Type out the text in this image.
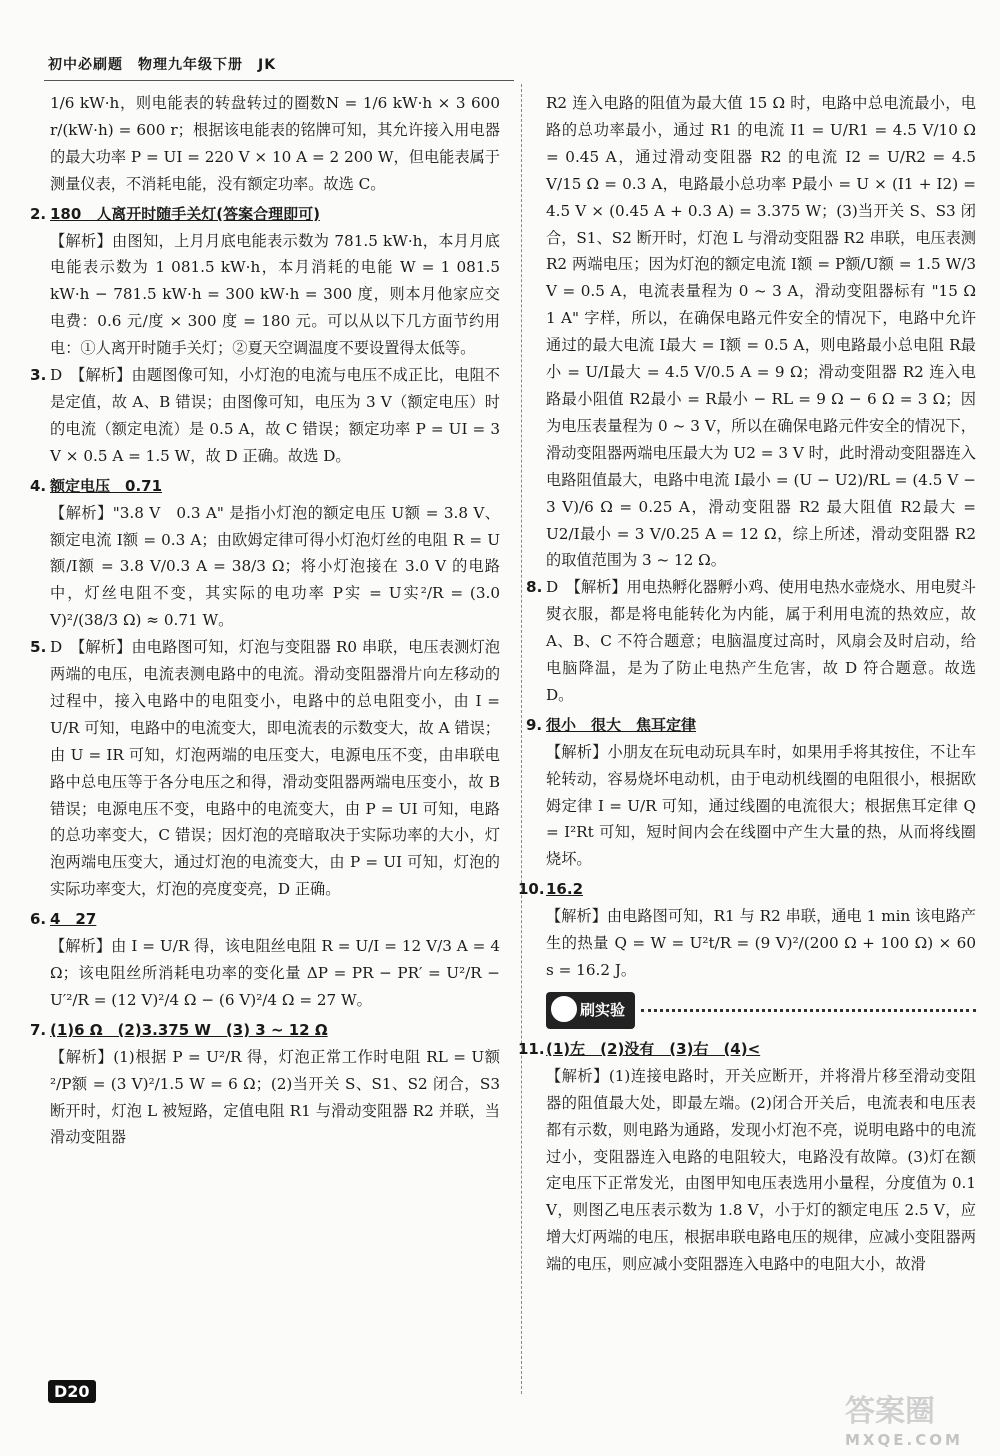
初中必刷题　物理九年级下册　JK

1/6 kW·h，则电能表的转盘转过的圈数N = 1/6 kW·h × 3 600 r/(kW·h) = 600 r；根据该电能表的铭牌可知，其允许接入用电器的最大功率 P = UI = 220 V × 10 A = 2 200 W，但电能表属于测量仪表，不消耗电能，没有额定功率。故选 C。

2. 180　人离开时随手关灯(答案合理即可)

【解析】由图知，上月月底电能表示数为 781.5 kW·h，本月月底电能表示数为 1 081.5 kW·h，本月消耗的电能 W = 1 081.5 kW·h − 781.5 kW·h = 300 kW·h = 300 度，则本月他家应交电费：0.6 元/度 × 300 度 = 180 元。可以从以下几方面节约用电：①人离开时随手关灯；②夏天空调温度不要设置得太低等。

3. D　【解析】由题图像可知，小灯泡的电流与电压不成正比，电阻不是定值，故 A、B 错误；由图像可知，电压为 3 V（额定电压）时的电流（额定电流）是 0.5 A，故 C 错误；额定功率 P = UI = 3 V × 0.5 A = 1.5 W，故 D 正确。故选 D。

4. 额定电压　0.71

【解析】"3.8 V　0.3 A" 是指小灯泡的额定电压 U额 = 3.8 V、额定电流 I额 = 0.3 A；由欧姆定律可得小灯泡灯丝的电阻 R = U额/I额 = 3.8 V/0.3 A = 38/3 Ω；将小灯泡接在 3.0 V 的电路中，灯丝电阻不变，其实际的电功率 P实 = U实²/R = (3.0 V)²/(38/3 Ω) ≈ 0.71 W。

5. D　【解析】由电路图可知，灯泡与变阻器 R0 串联，电压表测灯泡两端的电压，电流表测电路中的电流。滑动变阻器滑片向左移动的过程中，接入电路中的电阻变小，电路中的总电阻变小，由 I = U/R 可知，电路中的电流变大，即电流表的示数变大，故 A 错误；由 U = IR 可知，灯泡两端的电压变大，电源电压不变，由串联电路中总电压等于各分电压之和得，滑动变阻器两端电压变小，故 B 错误；电源电压不变，电路中的电流变大，由 P = UI 可知，电路的总功率变大，C 错误；因灯泡的亮暗取决于实际功率的大小，灯泡两端电压变大，通过灯泡的电流变大，由 P = UI 可知，灯泡的实际功率变大，灯泡的亮度变亮，D 正确。

6. 4　27

【解析】由 I = U/R 得，该电阻丝电阻 R = U/I = 12 V/3 A = 4 Ω；该电阻丝所消耗电功率的变化量 ΔP = PR − PR′ = U²/R − U′²/R = (12 V)²/4 Ω − (6 V)²/4 Ω = 27 W。

7. (1)6 Ω　(2)3.375 W　(3) 3 ~ 12 Ω

【解析】(1)根据 P = U²/R 得，灯泡正常工作时电阻 RL = U额²/P额 = (3 V)²/1.5 W = 6 Ω；(2)当开关 S、S1、S2 闭合，S3 断开时，灯泡 L 被短路，定值电阻 R1 与滑动变阻器 R2 并联，当滑动变阻器

R2 连入电路的阻值为最大值 15 Ω 时，电路中总电流最小，电路的总功率最小，通过 R1 的电流 I1 = U/R1 = 4.5 V/10 Ω = 0.45 A，通过滑动变阻器 R2 的电流 I2 = U/R2 = 4.5 V/15 Ω = 0.3 A，电路最小总功率 P最小 = U × (I1 + I2) = 4.5 V × (0.45 A + 0.3 A) = 3.375 W；(3)当开关 S、S3 闭合，S1、S2 断开时，灯泡 L 与滑动变阻器 R2 串联，电压表测 R2 两端电压；因为灯泡的额定电流 I额 = P额/U额 = 1.5 W/3 V = 0.5 A，电流表量程为 0 ~ 3 A，滑动变阻器标有 "15 Ω　1 A" 字样，所以，在确保电路元件安全的情况下，电路中允许通过的最大电流 I最大 = I额 = 0.5 A，则电路最小总电阻 R最小 = U/I最大 = 4.5 V/0.5 A = 9 Ω；滑动变阻器 R2 连入电路最小阻值 R2最小 = R最小 − RL = 9 Ω − 6 Ω = 3 Ω；因为电压表量程为 0 ~ 3 V，所以在确保电路元件安全的情况下，滑动变阻器两端电压最大为 U2 = 3 V 时，此时滑动变阻器连入电路阻值最大，电路中电流 I最小 = (U − U2)/RL = (4.5 V − 3 V)/6 Ω = 0.25 A，滑动变阻器 R2 最大阻值 R2最大 = U2/I最小 = 3 V/0.25 A = 12 Ω，综上所述，滑动变阻器 R2 的取值范围为 3 ~ 12 Ω。

8. D　【解析】用电热孵化器孵小鸡、使用电热水壶烧水、用电熨斗熨衣服，都是将电能转化为内能，属于利用电流的热效应，故 A、B、C 不符合题意；电脑温度过高时，风扇会及时启动，给电脑降温，是为了防止电热产生危害，故 D 符合题意。故选 D。

9. 很小　很大　焦耳定律

【解析】小朋友在玩电动玩具车时，如果用手将其按住，不让车轮转动，容易烧坏电动机，由于电动机线圈的电阻很小，根据欧姆定律 I = U/R 可知，通过线圈的电流很大；根据焦耳定律 Q = I²Rt 可知，短时间内会在线圈中产生大量的热，从而将线圈烧坏。

10.16.2

【解析】由电路图可知，R1 与 R2 串联，通电 1 min 该电路产生的热量 Q = W = U²t/R = (9 V)²/(200 Ω + 100 Ω) × 60 s = 16.2 J。

刷实验

11.(1)左　(2)没有　(3)右　(4)<

【解析】(1)连接电路时，开关应断开，并将滑片移至滑动变阻器的阻值最大处，即最左端。(2)闭合开关后，电流表和电压表都有示数，则电路为通路，发现小灯泡不亮，说明电路中的电流过小，变阻器连入电路的电阻较大，电路没有故障。(3)灯在额定电压下正常发光，由图甲知电压表选用小量程，分度值为 0.1 V，则图乙电压表示数为 1.8 V，小于灯的额定电压 2.5 V，应增大灯两端的电压，根据串联电路电压的规律，应减小变阻器两端的电压，则应减小变阻器连入电路中的电阻大小，故滑

D20
答案圈
MXQE.COM
